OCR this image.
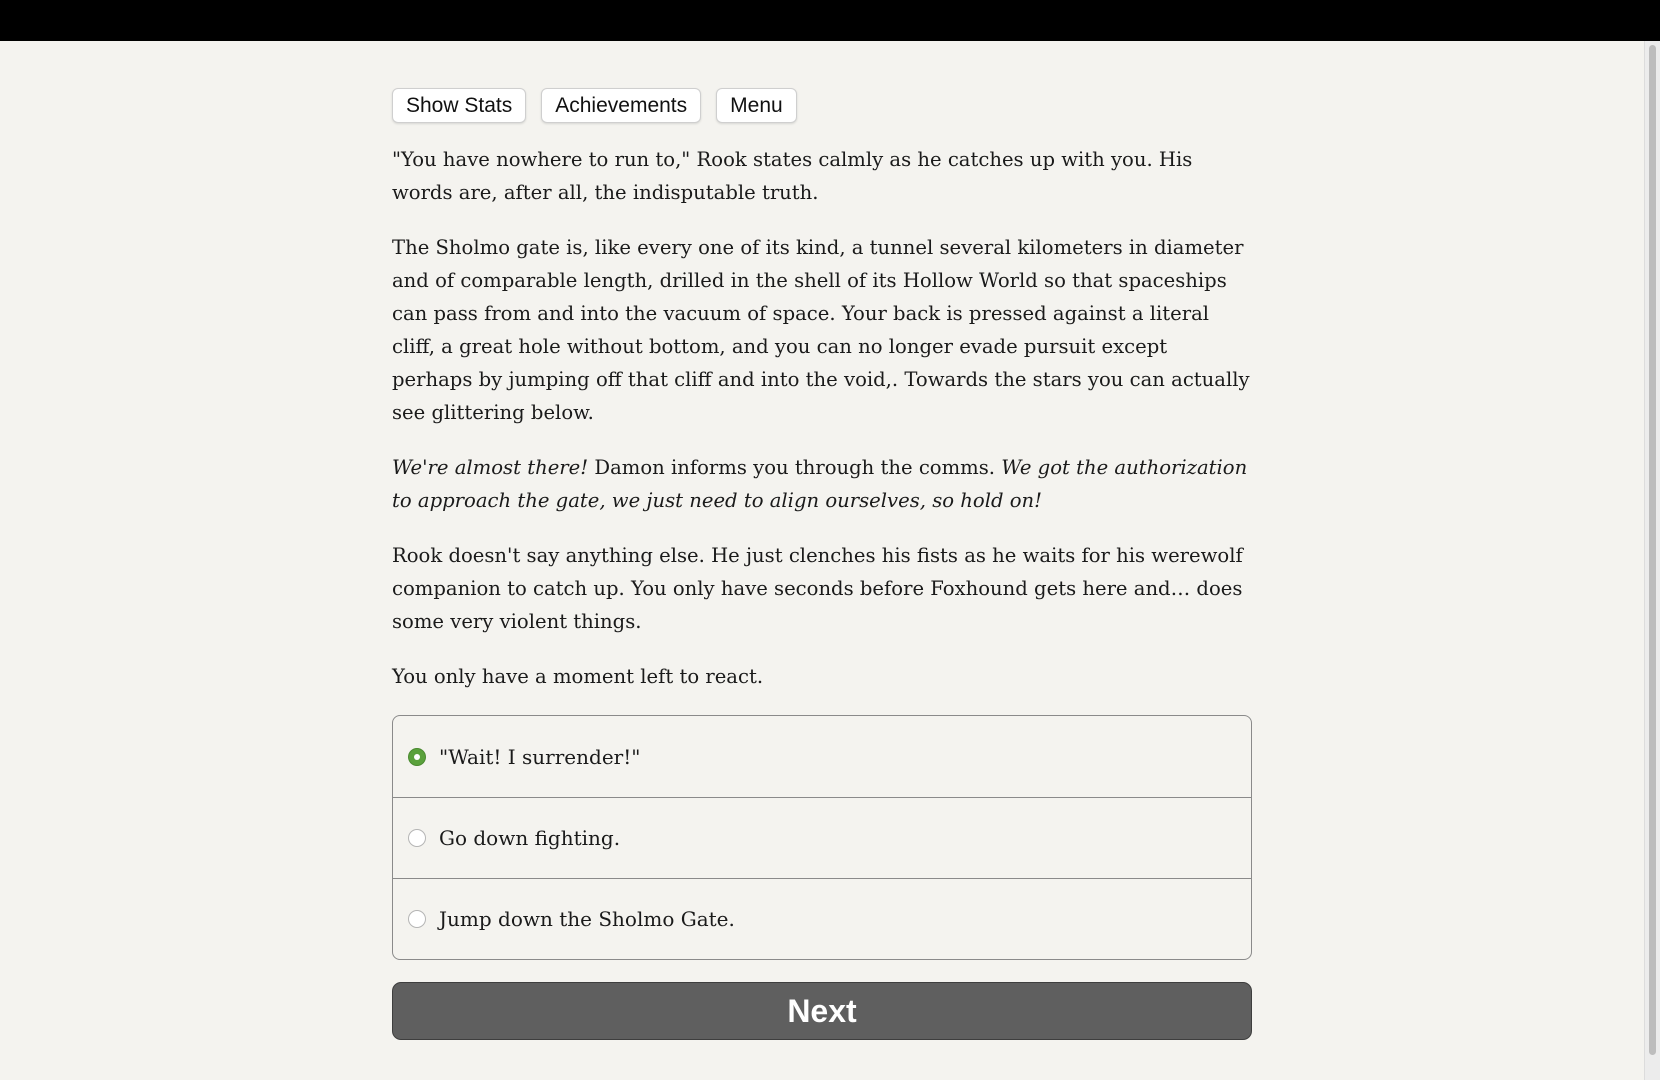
Show Stats	Achievements	Menu

"You have nowhere to run to," Rook states calmly as he catches up with you. His words are, after all, the indisputable truth.

The Sholmo gate is, like every one of its kind, a tunnel several kilometers in diameter and of comparable length, drilled in the shell of its Hollow World so that spaceships can pass from and into the vacuum of space. Your back is pressed against a literal cliff, a great hole without bottom, and you can no longer evade pursuit except perhaps by jumping off that cliff and into the void,. Towards the stars you can actually see glittering below.

We're almost there! Damon informs you through the comms. We got the authorization to approach the gate, we just need to align ourselves, so hold on!

Rook doesn't say anything else. He just clenches his fists as he waits for his werewolf companion to catch up. You only have seconds before Foxhound gets here and… does some very violent things.

You only have a moment left to react.

"Wait! I surrender!"
Go down fighting.
Jump down the Sholmo Gate.
Next
